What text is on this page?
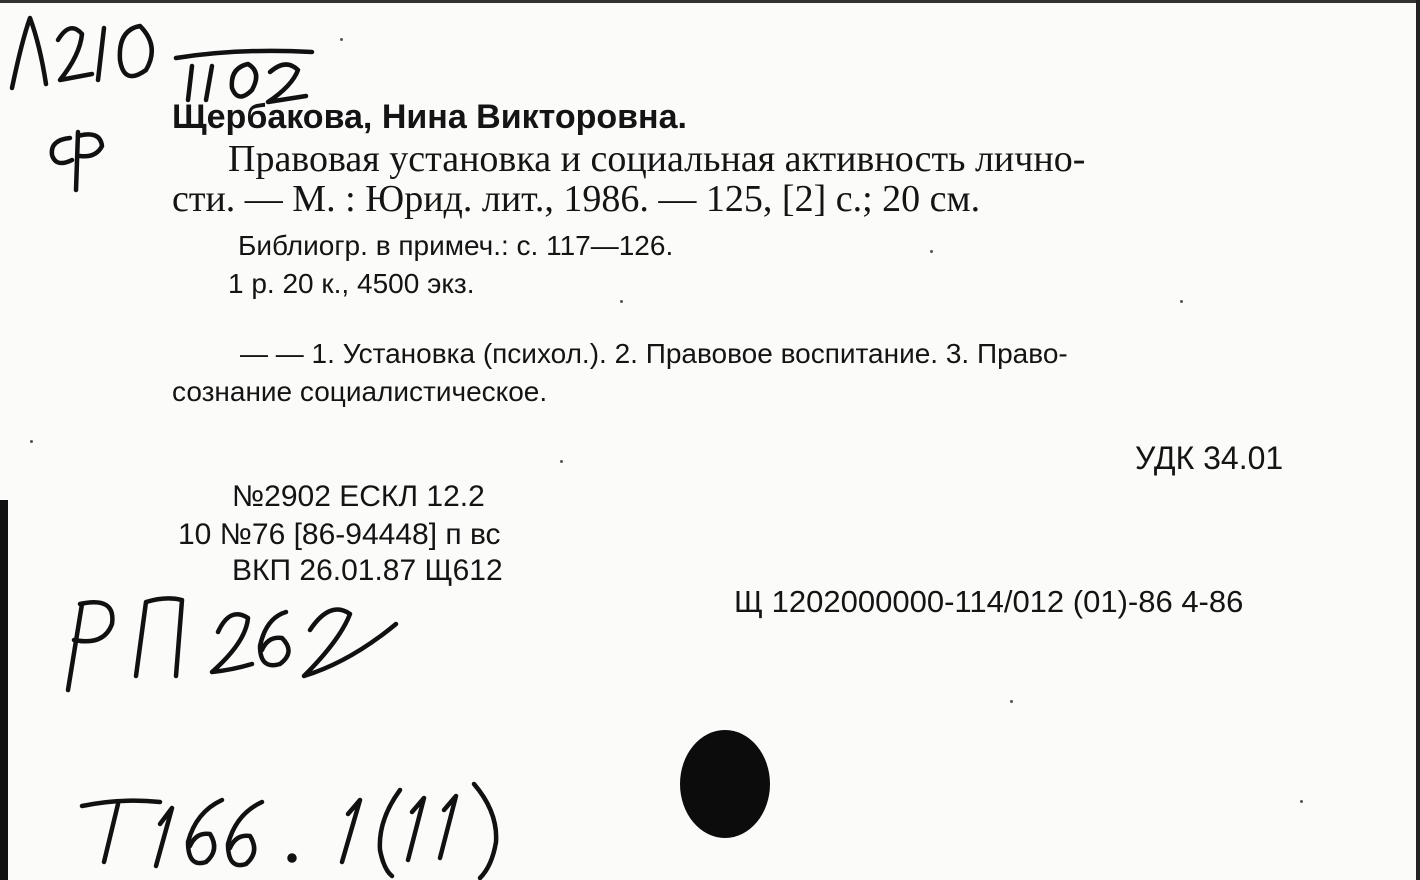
Щербакова, Нина Викторовна.

Правовая установка и социальная активность лично-

сти. — М. : Юрид. лит., 1986. — 125, [2] с.; 20 см.

Библиогр. в примеч.: с. 117—126.

1 р. 20 к., 4500 экз.

— — 1. Установка (психол.). 2. Правовое воспитание. 3. Право-

сознание социалистическое.

УДК 34.01

№2902 ЕСКЛ 12.2

10 №76 [86-94448] п вс

ВКП 26.01.87 Щ612

Щ 1202000000-114/012 (01)-86 4-86
